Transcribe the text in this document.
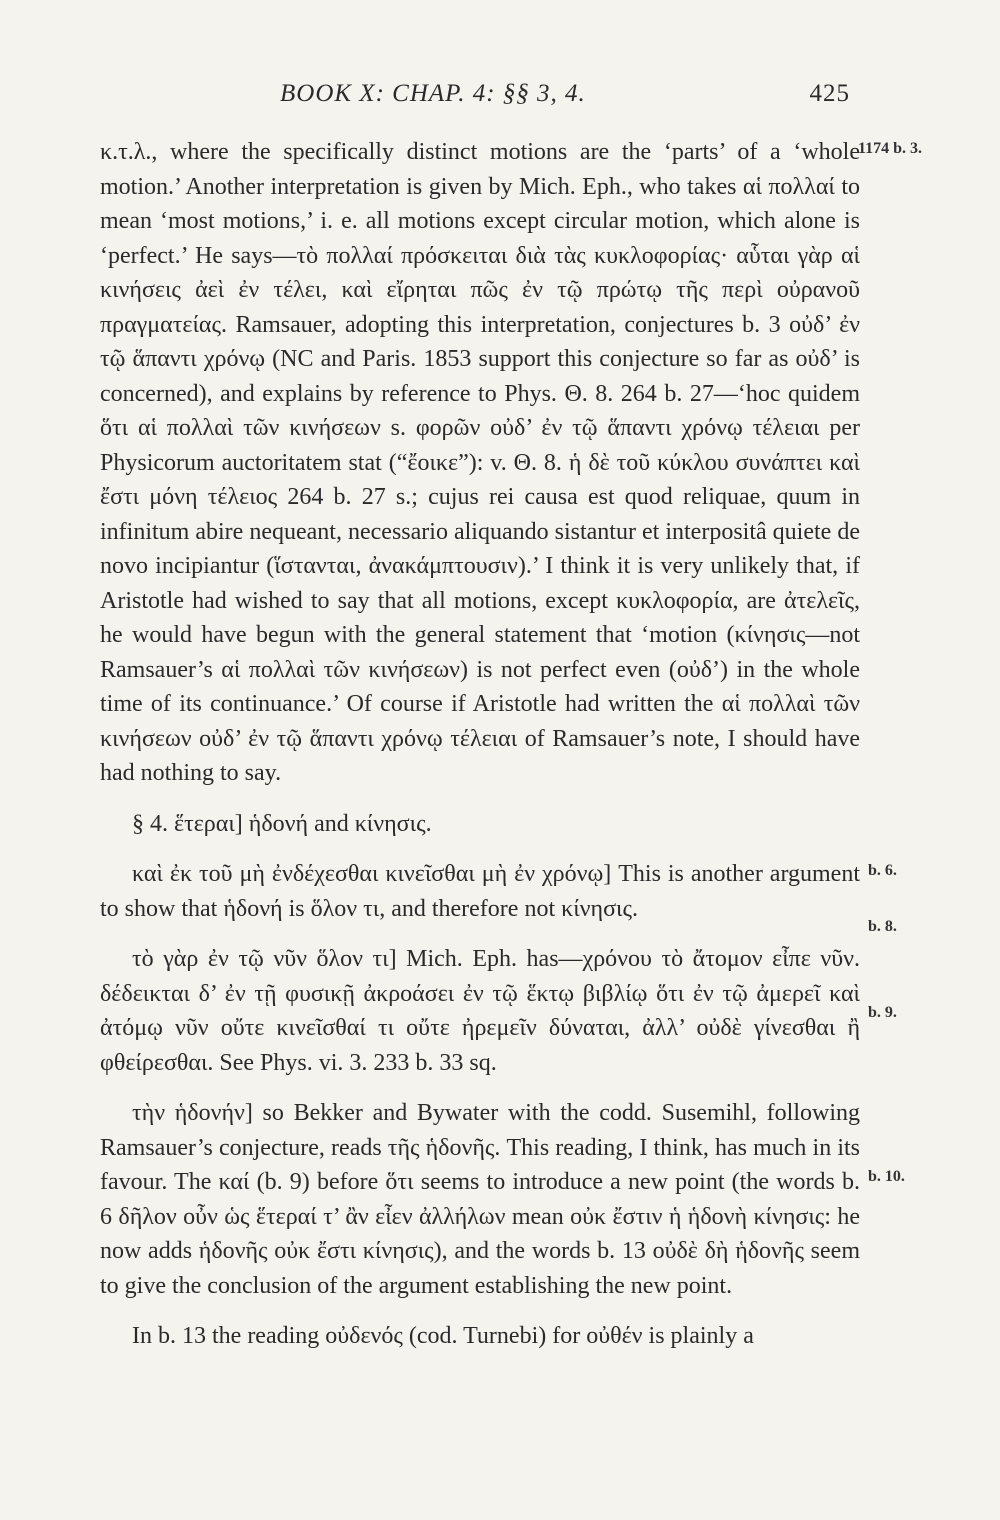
BOOK X: CHAP. 4: §§ 3, 4.	425
1174 b. 3.
b. 6.
b. 8.
b. 9.
b. 10.

κ.τ.λ., where the specifically distinct motions are the ‘parts’ of a ‘whole motion.’ Another interpretation is given by Mich. Eph., who takes αἱ πολλαί to mean ‘most motions,’ i. e. all motions except circular motion, which alone is ‘perfect.’ He says—τὸ πολλαί πρόσκειται διὰ τὰς κυκλοφορίας· αὗται γὰρ αἱ κινήσεις ἀεὶ ἐν τέλει, καὶ εἴρηται πῶς ἐν τῷ πρώτῳ τῆς περὶ οὐρανοῦ πραγματείας. Ramsauer, adopting this interpretation, conjectures b. 3 οὐδ’ ἐν τῷ ἅπαντι χρόνῳ (NC and Paris. 1853 support this conjecture so far as οὐδ’ is concerned), and explains by reference to Phys. Θ. 8. 264 b. 27—‘hoc quidem ὅτι αἱ πολλαὶ τῶν κινήσεων s. φορῶν οὐδ’ ἐν τῷ ἅπαντι χρόνῳ τέλειαι per Physicorum auctoritatem stat (“ἔοικε”): v. Θ. 8. ἡ δὲ τοῦ κύκλου συνάπτει καὶ ἔστι μόνη τέλειος 264 b. 27 s.; cujus rei causa est quod reliquae, quum in infinitum abire nequeant, necessario aliquando sistantur et interpositâ quiete de novo incipiantur (ἵστανται, ἀνακάμπτουσιν).’ I think it is very unlikely that, if Aristotle had wished to say that all motions, except κυκλοφορία, are ἀτελεῖς, he would have begun with the general statement that ‘motion (κίνησις—not Ramsauer’s αἱ πολλαὶ τῶν κινήσεων) is not perfect even (οὐδ’) in the whole time of its continuance.’ Of course if Aristotle had written the αἱ πολλαὶ τῶν κινήσεων οὐδ’ ἐν τῷ ἅπαντι χρόνῳ τέλειαι of Ramsauer’s note, I should have had nothing to say.

§ 4. ἕτεραι] ἡδονή and κίνησις.

καὶ ἐκ τοῦ μὴ ἐνδέχεσθαι κινεῖσθαι μὴ ἐν χρόνῳ] This is another argument to show that ἡδονή is ὅλον τι, and therefore not κίνησις.

τὸ γὰρ ἐν τῷ νῦν ὅλον τι] Mich. Eph. has—χρόνου τὸ ἄτομον εἶπε νῦν. δέδεικται δ’ ἐν τῇ φυσικῇ ἀκροάσει ἐν τῷ ἕκτῳ βιβλίῳ ὅτι ἐν τῷ ἀμερεῖ καὶ ἀτόμῳ νῦν οὔτε κινεῖσθαί τι οὔτε ἠρεμεῖν δύναται, ἀλλ’ οὐδὲ γίνεσθαι ἢ φθείρεσθαι. See Phys. vi. 3. 233 b. 33 sq.

τὴν ἡδονήν] so Bekker and Bywater with the codd. Susemihl, following Ramsauer’s conjecture, reads τῆς ἡδονῆς. This reading, I think, has much in its favour. The καί (b. 9) before ὅτι seems to introduce a new point (the words b. 6 δῆλον οὖν ὡς ἕτεραί τ’ ἂν εἶεν ἀλλήλων mean οὐκ ἔστιν ἡ ἡδονὴ κίνησις: he now adds ἡδονῆς οὐκ ἔστι κίνησις), and the words b. 13 οὐδὲ δὴ ἡδονῆς seem to give the conclusion of the argument establishing the new point.

In b. 13 the reading οὐδενός (cod. Turnebi) for οὐθέν is plainly a
